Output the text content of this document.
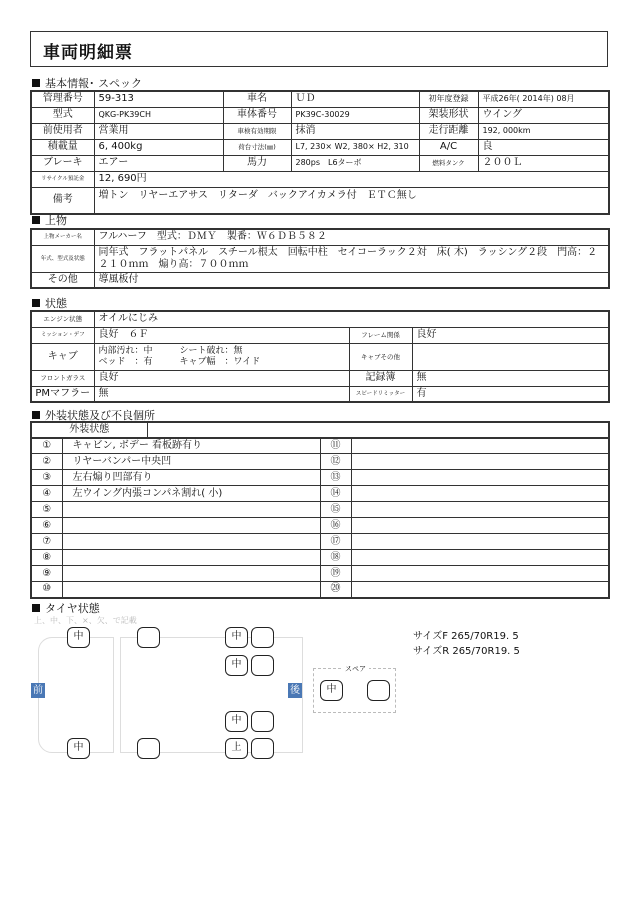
車両明細票
基本情報･ スペック
管理番号	59-313	車名	ＵＤ	初年度登録	平成26年( 2014年) 08月
型式	QKG-PK39CH	車体番号	PK39C-30029	架装形状	ウイング
前使用者	営業用	車検有効期限	抹消	走行距離	192, 000km
積載量	6, 400kg	荷台寸法(㎜)	L7, 230× W2, 380× H2, 310	A/C	良
ブレーキ	エアー	馬力	280ps　L6ターボ	燃料タンク	２００Ｌ
リサイクル預託金	12, 690円				
備考	増トン　リヤーエアサス　リターダ　バックアイカメラ付　ＥＴＣ無し				
上物
上物メーカー名	フルハーフ　型式：ＤＭＹ　製番：Ｗ６ＤＢ５８２
年式、型式及状態	同年式　フラットパネル　スチール根太　回転中柱　セイコーラック２対　床( 木)　ラッシング２段　門高：２２１０ｍｍ　煽り高：７００ｍｍ
その他	導風板付
状態
エンジン状態	オイルにじみ		
ミッション・デフ	良好　６Ｆ	フレーム関係	良好
キャブ	内部汚れ：中　　　シート破れ：無
ベッド　：有　　　キャブ幅　：ワイド	キャブその他	
フロントガラス	良好	記録簿	無
PMマフラー	無	スピードリミッター	有
外装状態及び不良個所
外装状態	
①	キャビン, ボデー 看板跡有り	⑪	
②	リヤーバンパー中央凹	⑫	
③	左右煽り凹部有り	⑬	
④	左ウイング内張コンパネ割れ( 小)	⑭	
⑤		⑮	
⑥		⑯	
⑦		⑰	
⑧		⑱	
⑨		⑲	
⑩		⑳	
タイヤ状態
上、中、下、×、欠、で記載
前	後
中
中
中
中
中
上
スペア
中
サイズF 265/70R19. 5
サイズR 265/70R19. 5
